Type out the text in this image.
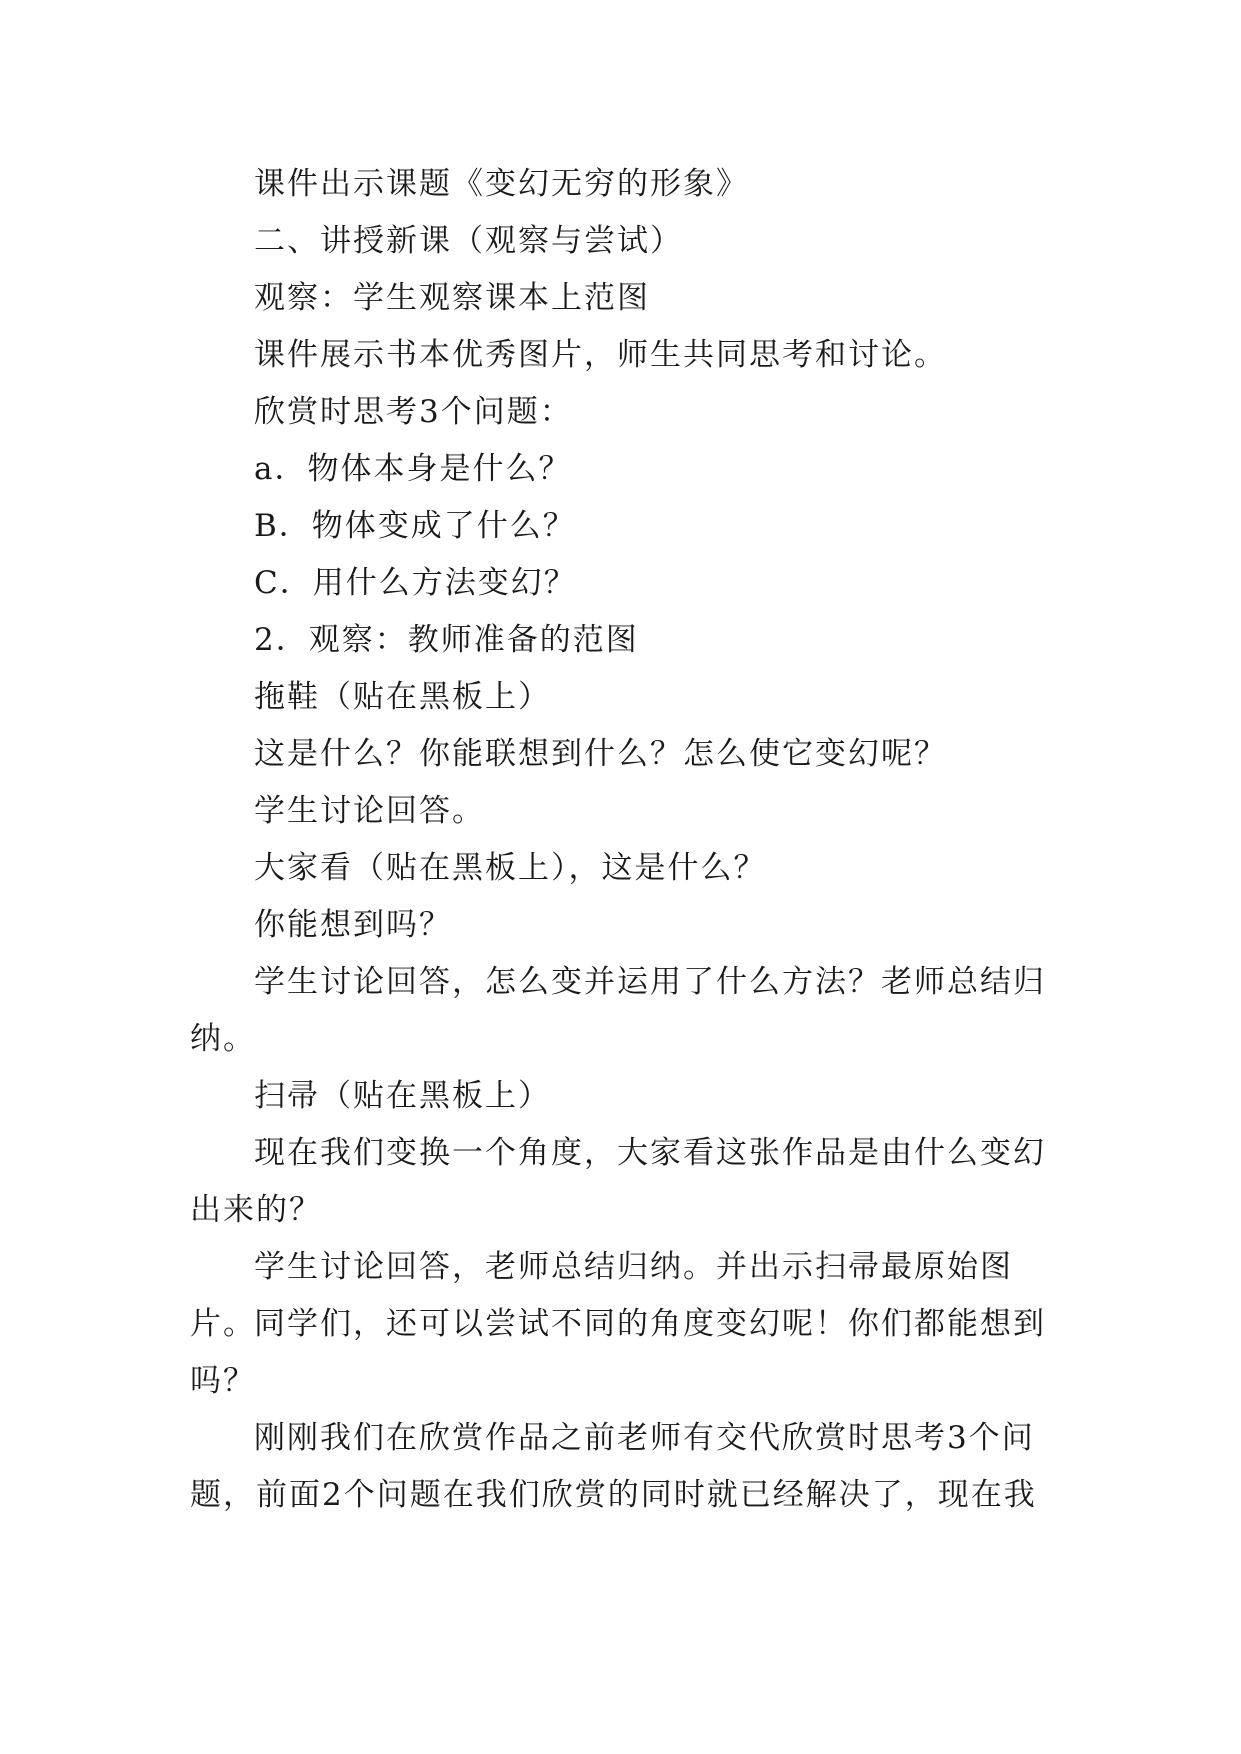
课件出示课题《变幻无穷的形象》

二、讲授新课（观察与尝试）

观察：学生观察课本上范图

课件展示书本优秀图片，师生共同思考和讨论。

欣赏时思考3个问题：

a．物体本身是什么？

B．物体变成了什么？

C．用什么方法变幻？

2．观察：教师准备的范图

拖鞋（贴在黑板上）

这是什么？你能联想到什么？怎么使它变幻呢？

学生讨论回答。

大家看（贴在黑板上），这是什么？

你能想到吗？

学生讨论回答，怎么变并运用了什么方法？老师总结归纳。

扫帚（贴在黑板上）

现在我们变换一个角度，大家看这张作品是由什么变幻出来的？

学生讨论回答，老师总结归纳。并出示扫帚最原始图片。

同学们，还可以尝试不同的角度变幻呢！你们都能想到吗？

刚刚我们在欣赏作品之前老师有交代欣赏时思考3个问题，前面2个问题在我们欣赏的同时就已经解决了，现在我
